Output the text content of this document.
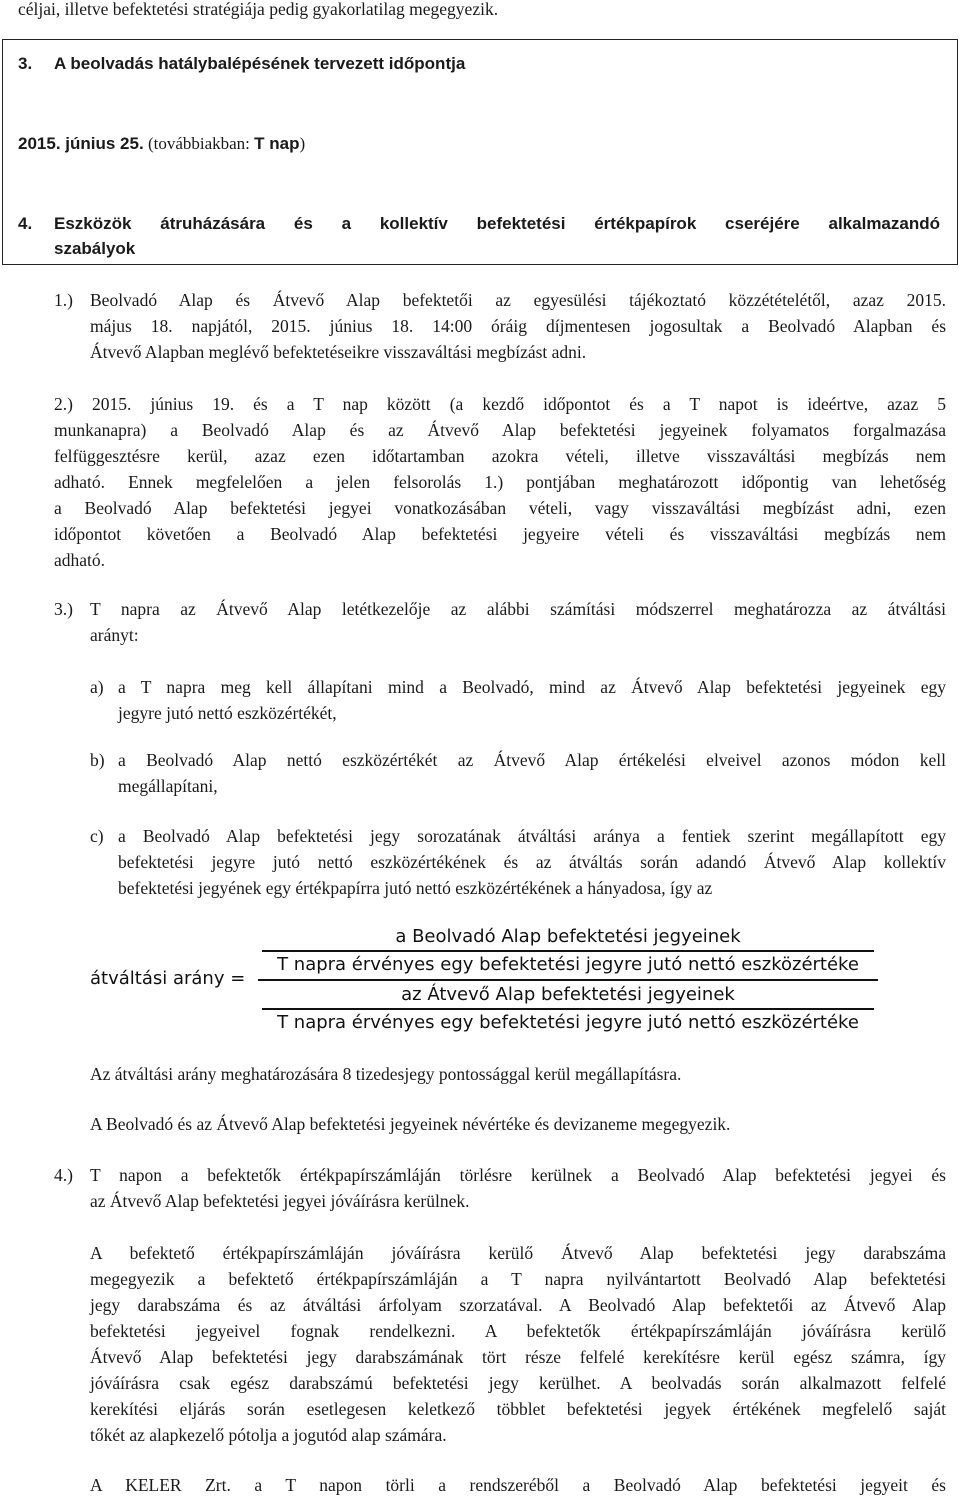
céljai, illetve befektetési stratégiája pedig gyakorlatilag megegyezik.
3. A beolvadás hatálybalépésének tervezett időpontja
2015. június 25. (továbbiakban: T nap)
4. Eszközök átruházására és a kollektív befektetési értékpapírok cseréjére alkalmazandó
szabályok
1.) Beolvadó Alap és Átvevő Alap befektetői az egyesülési tájékoztató közzétételétől, azaz 2015.
május 18. napjától, 2015. június 18. 14:00 óráig díjmentesen jogosultak a Beolvadó Alapban és
Átvevő Alapban meglévő befektetéseikre visszaváltási megbízást adni.
2.) 2015. június 19. és a T nap között (a kezdő időpontot és a T napot is ideértve, azaz 5
munkanapra) a Beolvadó Alap és az Átvevő Alap befektetési jegyeinek folyamatos forgalmazása
felfüggesztésre kerül, azaz ezen időtartamban azokra vételi, illetve visszaváltási megbízás nem
adható. Ennek megfelelően a jelen felsorolás 1.) pontjában meghatározott időpontig van lehetőség
a Beolvadó Alap befektetési jegyei vonatkozásában vételi, vagy visszaváltási megbízást adni, ezen
időpontot követően a Beolvadó Alap befektetési jegyeire vételi és visszaváltási megbízás nem
adható.
3.) T napra az Átvevő Alap letétkezelője az alábbi számítási módszerrel meghatározza az átváltási
arányt:
a) a T napra meg kell állapítani mind a Beolvadó, mind az Átvevő Alap befektetési jegyeinek egy
jegyre jutó nettó eszközértékét,
b) a Beolvadó Alap nettó eszközértékét az Átvevő Alap értékelési elveivel azonos módon kell
megállapítani,
c) a Beolvadó Alap befektetési jegy sorozatának átváltási aránya a fentiek szerint megállapított egy
befektetési jegyre jutó nettó eszközértékének és az átváltás során adandó Átvevő Alap kollektív
befektetési jegyének egy értékpapírra jutó nettó eszközértékének a hányadosa, így az
átváltási arány =
a Beolvadó Alap befektetési jegyeinek
T napra érvényes egy befektetési jegyre jutó nettó eszközértéke
az Átvevő Alap befektetési jegyeinek
T napra érvényes egy befektetési jegyre jutó nettó eszközértéke
Az átváltási arány meghatározására 8 tizedesjegy pontossággal kerül megállapításra.
A Beolvadó és az Átvevő Alap befektetési jegyeinek névértéke és devizaneme megegyezik.
4.) T napon a befektetők értékpapírszámláján törlésre kerülnek a Beolvadó Alap befektetési jegyei és
az Átvevő Alap befektetési jegyei jóváírásra kerülnek.
A befektető értékpapírszámláján jóváírásra kerülő Átvevő Alap befektetési jegy darabszáma
megegyezik a befektető értékpapírszámláján a T napra nyilvántartott Beolvadó Alap befektetési
jegy darabszáma és az átváltási árfolyam szorzatával. A Beolvadó Alap befektetői az Átvevő Alap
befektetési jegyeivel fognak rendelkezni. A befektetők értékpapírszámláján jóváírásra kerülő
Átvevő Alap befektetési jegy darabszámának tört része felfelé kerekítésre kerül egész számra, így
jóváírásra csak egész darabszámú befektetési jegy kerülhet. A beolvadás során alkalmazott felfelé
kerekítési eljárás során esetlegesen keletkező többlet befektetési jegyek értékének megfelelő saját
tőkét az alapkezelő pótolja a jogutód alap számára.
A KELER Zrt. a T napon törli a rendszeréből a Beolvadó Alap befektetési jegyeit és
